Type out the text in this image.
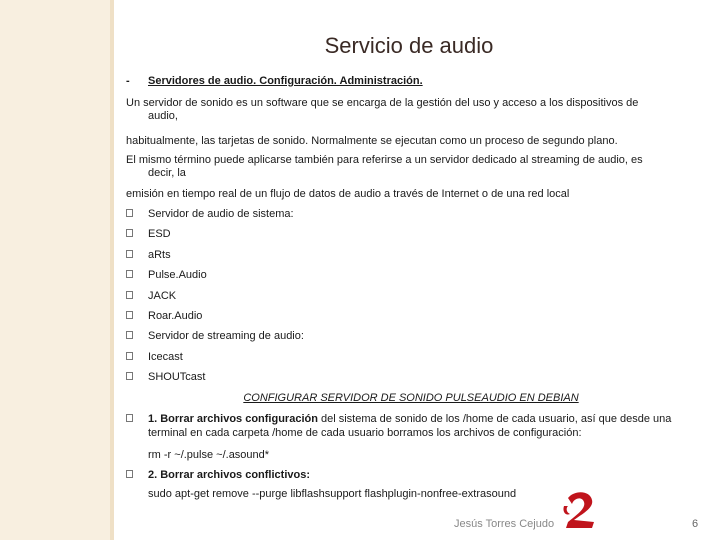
Servicio de audio
- Servidores de audio. Configuración. Administración.
Un servidor de sonido es un software que se encarga de la gestión del uso y acceso a los dispositivos de
audio,
habitualmente, las tarjetas de sonido. Normalmente se ejecutan como un proceso de segundo plano.
El mismo término puede aplicarse también para referirse a un servidor dedicado al streaming de audio, es
decir, la
emisión en tiempo real de un flujo de datos de audio a través de Internet o de una red local
Servidor de audio de sistema:
ESD
aRts
Pulse.Audio
JACK
Roar.Audio
Servidor de streaming de audio:
Icecast
SHOUTcast
CONFIGURAR SERVIDOR DE SONIDO PULSEAUDIO EN DEBIAN
1. Borrar archivos configuración del sistema de sonido de los /home de cada usuario, así que desde una terminal en cada carpeta /home de cada usuario borramos los archivos de configuración:
rm -r ~/.pulse ~/.asound*
2. Borrar archivos conflictivos:
sudo apt-get remove --purge libflashsupport flashplugin-nonfree-extrasound
Jesús Torres Cejudo	6
